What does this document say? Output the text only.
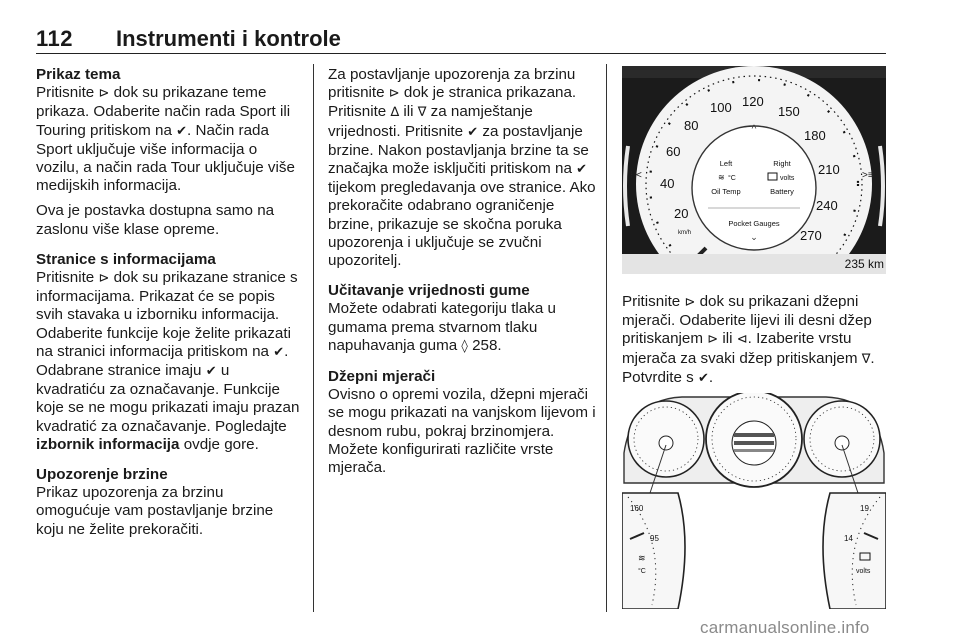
112 Instrumenti i kontrole
Prikaz tema
Pritisnite ⊳ dok su prikazane teme prikaza. Odaberite način rada Sport ili Touring pritiskom na ✔. Način rada Sport uključuje više informacija o vozilu, a način rada Tour uključuje više medijskih informacija.
Ova je postavka dostupna samo na zaslonu više klase opreme.
Stranice s informacijama
Pritisnite ⊳ dok su prikazane stranice s informacijama. Prikazat će se popis svih stavaka u izborniku informacija. Odaberite funkcije koje želite prikazati na stranici informacija pritiskom na ✔. Odabrane stranice imaju ✔ u kvadratiću za označavanje. Funkcije koje se ne mogu prikazati imaju prazan kvadratić za označavanje. Pogledajte izbornik informacija ovdje gore.
Upozorenje brzine
Prikaz upozorenja za brzinu omogućuje vam postavljanje brzine koju ne želite prekoračiti.
Za postavljanje upozorenja za brzinu pritisnite ⊳ dok je stranica prikazana. Pritisnite ∆ ili ∇ za namještanje vrijednosti. Pritisnite ✔ za postavljanje brzine. Nakon postavljanja brzine ta se značajka može isključiti pritiskom na ✔ tijekom pregledavanja ove stranice. Ako prekoračite odabrano ograničenje brzine, prikazuje se skočna poruka upozorenja i uključuje se zvučni upozoritelj.
Učitavanje vrijednosti gume
Možete odabrati kategoriju tlaka u gumama prema stvarnom tlaku napuhavanja guma ◊ 258.
Džepni mjerači
Ovisno o opremi vozila, džepni mjerači se mogu prikazati na vanjskom lijevom i desnom rubu, pokraj brzinomjera. Možete konfigurirati različite vrste mjerača.
20
40
60
80
100 120
150
180
210
240
270
km/h
^
Left	Right
≋ °C	volts
Oil Temp	Battery
Pocket Gauges
⌄
⁝ <	>≡
235 km
Pritisnite ⊳ dok su prikazani džepni mjerači. Odaberite lijevi ili desni džep pritiskanjem ⊳ ili ⊲. Izaberite vrstu mjerača za svaki džep pritiskanjem ∇. Potvrdite s ✔.
160
95
≋
°C
19
14
volts
carmanualsonline.info
